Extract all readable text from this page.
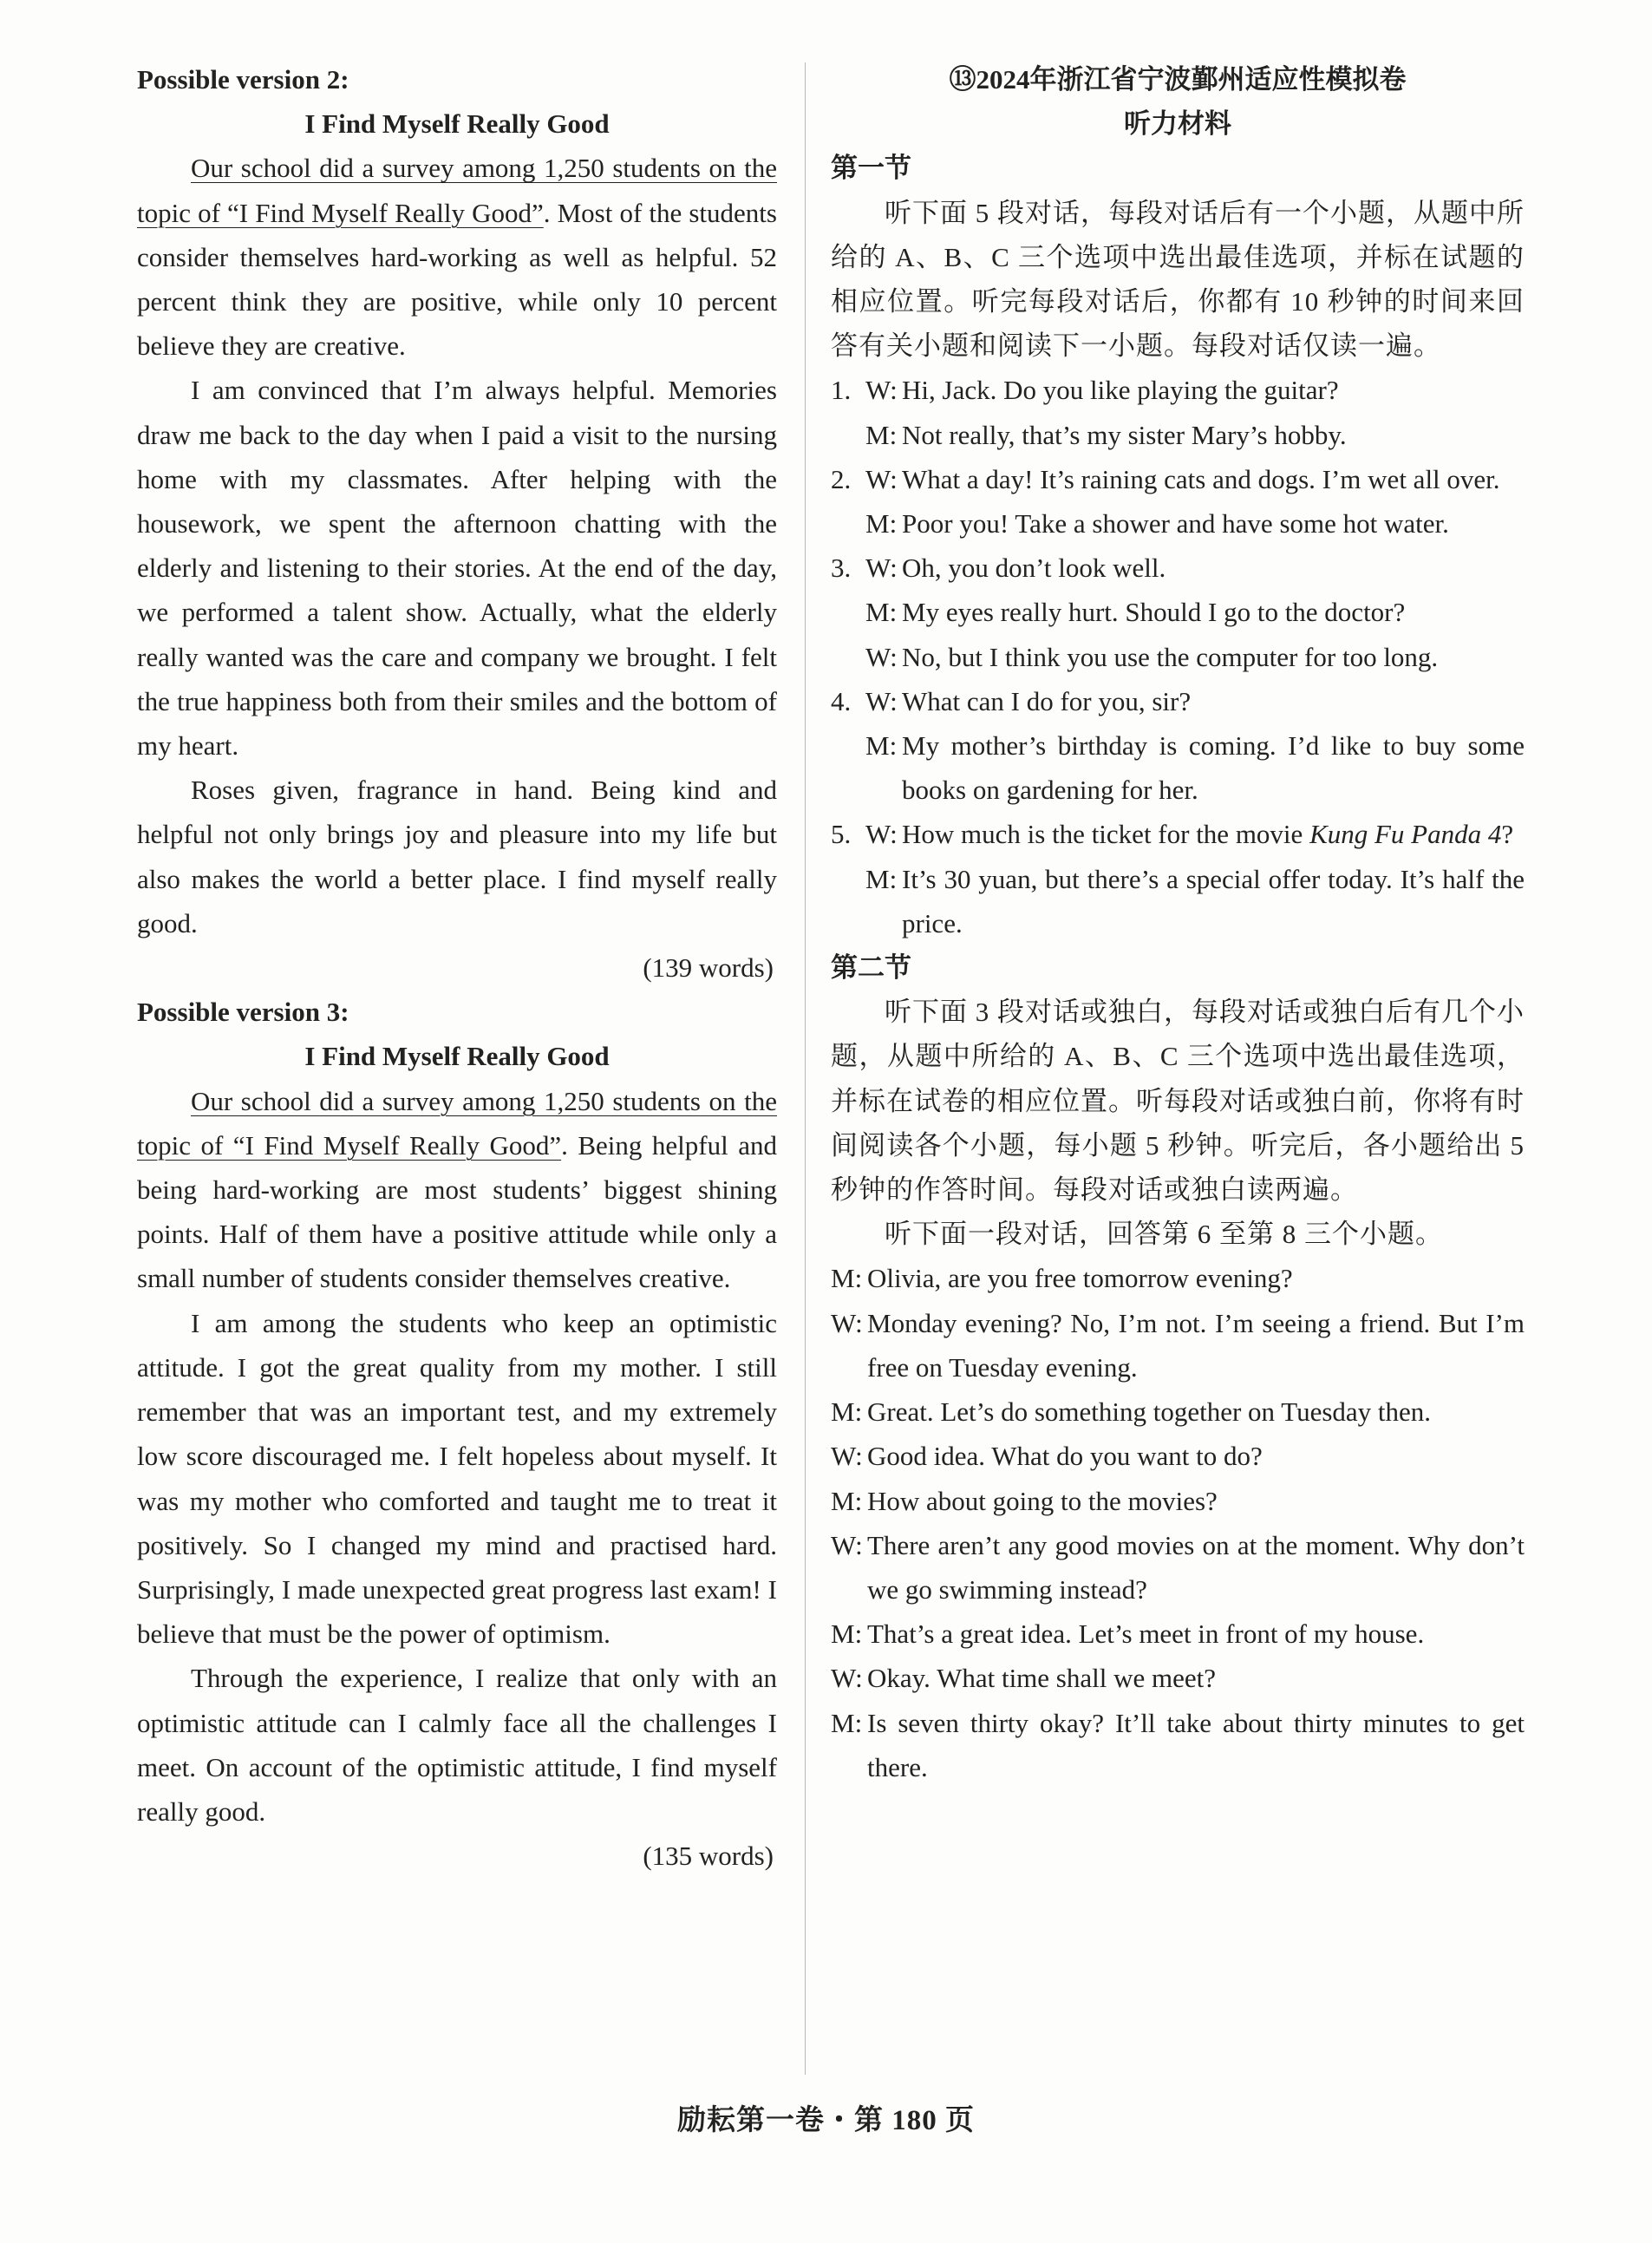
Possible version 2:

I Find Myself Really Good

Our school did a survey among 1,250 students on the topic of “I Find Myself Really Good”. Most of the students consider themselves hard-working as well as helpful. 52 percent think they are positive, while only 10 percent believe they are creative.

I am convinced that I’m always helpful. Memories draw me back to the day when I paid a visit to the nursing home with my classmates. After helping with the housework, we spent the afternoon chatting with the elderly and listening to their stories. At the end of the day, we performed a talent show. Actually, what the elderly really wanted was the care and company we brought. I felt the true happiness both from their smiles and the bottom of my heart.

Roses given, fragrance in hand. Being kind and helpful not only brings joy and pleasure into my life but also makes the world a better place. I find myself really good.

(139 words)

Possible version 3:

I Find Myself Really Good

Our school did a survey among 1,250 students on the topic of “I Find Myself Really Good”. Being helpful and being hard-working are most students’ biggest shining points. Half of them have a positive attitude while only a small number of students consider themselves creative.

I am among the students who keep an optimistic attitude. I got the great quality from my mother. I still remember that was an important test, and my extremely low score discouraged me. I felt hopeless about myself. It was my mother who comforted and taught me to treat it positively. So I changed my mind and practised hard. Surprisingly, I made unexpected great progress last exam! I believe that must be the power of optimism.

Through the experience, I realize that only with an optimistic attitude can I calmly face all the challenges I meet. On account of the optimistic attitude, I find myself really good.

(135 words)

⑬2024年浙江省宁波鄞州适应性模拟卷

听力材料

第一节

听下面 5 段对话，每段对话后有一个小题，从题中所给的 A、B、C 三个选项中选出最佳选项，并标在试题的相应位置。听完每段对话后，你都有 10 秒钟的时间来回答有关小题和阅读下一小题。每段对话仅读一遍。

1. W: Hi, Jack. Do you like playing the guitar?
M: Not really, that’s my sister Mary’s hobby.
2. W: What a day! It’s raining cats and dogs. I’m wet all over.
M: Poor you! Take a shower and have some hot water.
3. W: Oh, you don’t look well.
M: My eyes really hurt. Should I go to the doctor?
W: No, but I think you use the computer for too long.
4. W: What can I do for you, sir?
M: My mother’s birthday is coming. I’d like to buy some books on gardening for her.
5. W: How much is the ticket for the movie Kung Fu Panda 4?
M: It’s 30 yuan, but there’s a special offer today. It’s half the price.

第二节

听下面 3 段对话或独白，每段对话或独白后有几个小题，从题中所给的 A、B、C 三个选项中选出最佳选项，并标在试卷的相应位置。听每段对话或独白前，你将有时间阅读各个小题，每小题 5 秒钟。听完后，各小题给出 5 秒钟的作答时间。每段对话或独白读两遍。

听下面一段对话，回答第 6 至第 8 三个小题。

M: Olivia, are you free tomorrow evening?
W: Monday evening? No, I’m not. I’m seeing a friend. But I’m free on Tuesday evening.
M: Great. Let’s do something together on Tuesday then.
W: Good idea. What do you want to do?
M: How about going to the movies?
W: There aren’t any good movies on at the moment. Why don’t we go swimming instead?
M: That’s a great idea. Let’s meet in front of my house.
W: Okay. What time shall we meet?
M: Is seven thirty okay? It’ll take about thirty minutes to get there.
励耘第一卷・第 180 页
